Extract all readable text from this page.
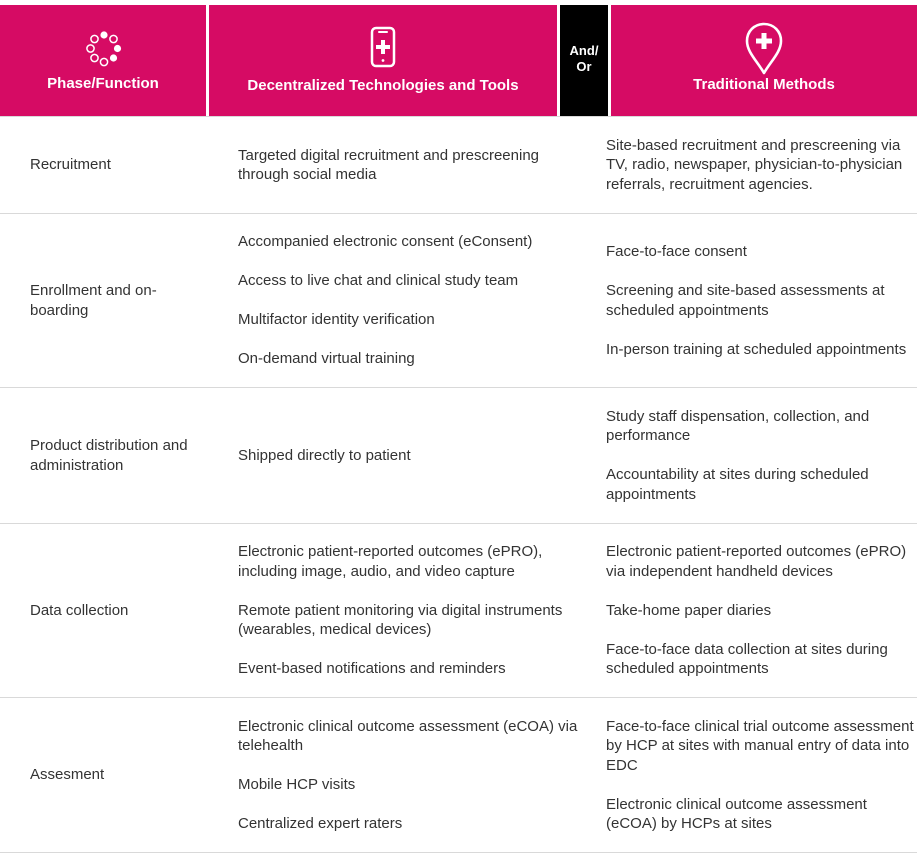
Phase/Function	Decentralized Technologies and Tools
And/
Or
Traditional Methods

Recruitment

Targeted digital recruitment and prescreening through social media

Site-based recruitment and prescreening via TV, radio, newspaper, physician-to-physician referrals, recruitment agencies.

Enrollment and on-boarding

Accompanied electronic consent (eConsent)

Access to live chat and clinical study team

Multifactor identity verification

On-demand virtual training

Face-to-face consent

Screening and site-based assessments at scheduled appointments

In-person training at scheduled appointments

Product distribution and administration

Shipped directly to patient

Study staff dispensation, collection, and performance

Accountability at sites during scheduled appointments

Data collection

Electronic patient-reported outcomes (ePRO), including image, audio, and video capture

Remote patient monitoring via digital instruments (wearables, medical devices)

Event-based notifications and reminders

Electronic patient-reported outcomes (ePRO) via independent handheld devices

Take-home paper diaries

Face-to-face data collection at sites during scheduled appointments

Assesment

Electronic clinical outcome assessment (eCOA) via telehealth

Mobile HCP visits

Centralized expert raters

Face-to-face clinical trial outcome assessment by HCP at sites with manual entry of data into EDC

Electronic clinical outcome assessment (eCOA) by HCPs at sites
